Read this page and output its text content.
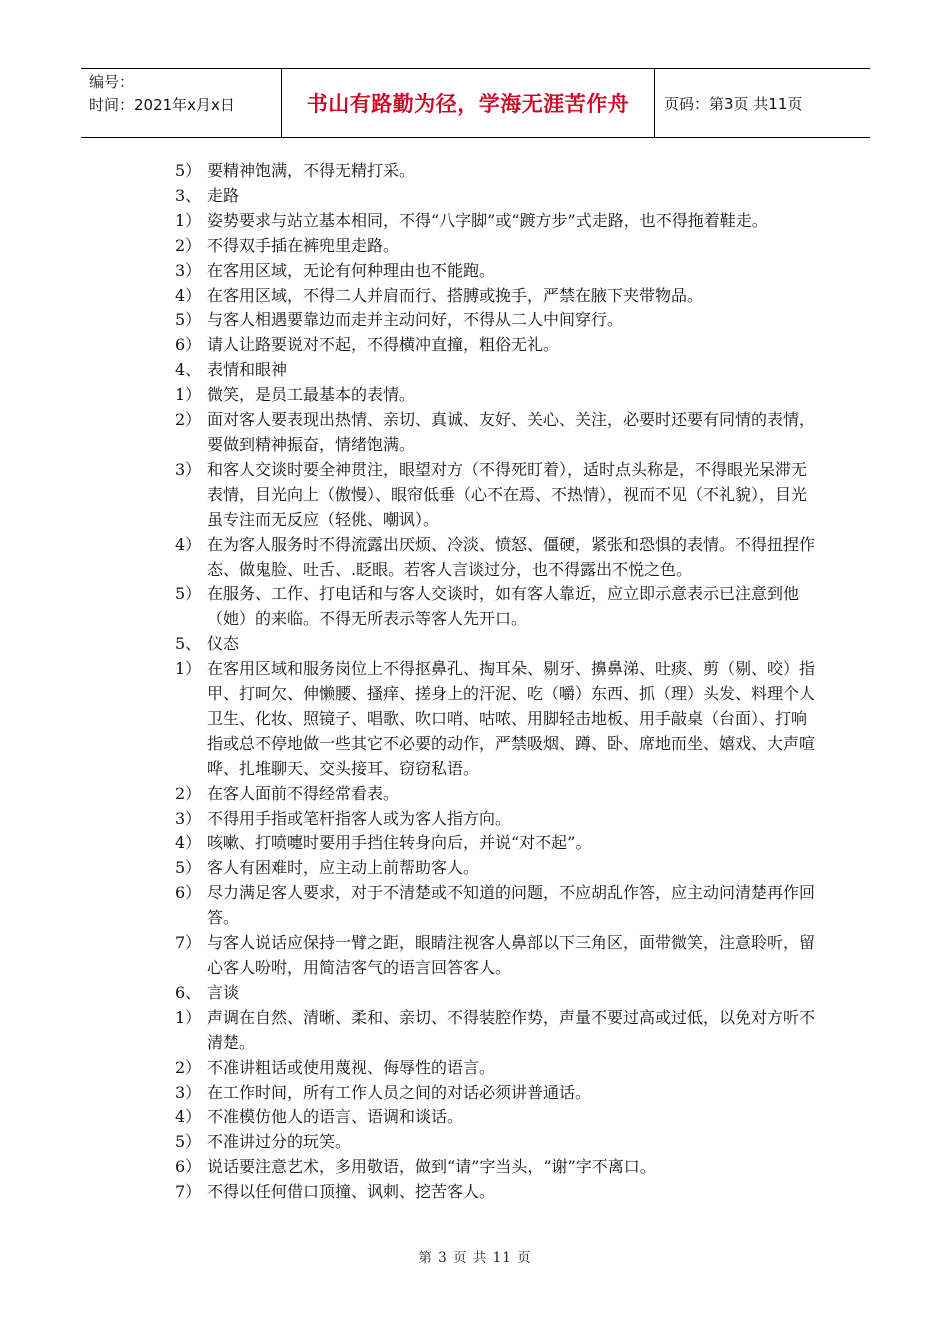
编号：
时间：2021年x月x日	书山有路勤为径，学海无涯苦作舟	页码：第3页 共11页
5） 要精神饱满，不得无精打采。
3、 走路
1） 姿势要求与站立基本相同，不得“八字脚”或“踱方步”式走路，也不得拖着鞋走。
2） 不得双手插在裤兜里走路。
3） 在客用区域，无论有何种理由也不能跑。
4） 在客用区域，不得二人并肩而行、搭膊或挽手，严禁在腋下夹带物品。
5） 与客人相遇要靠边而走并主动问好，不得从二人中间穿行。
6） 请人让路要说对不起，不得横冲直撞，粗俗无礼。
4、 表情和眼神
1） 微笑，是员工最基本的表情。
2） 面对客人要表现出热情、亲切、真诚、友好、关心、关注，必要时还要有同情的表情，要做到精神振奋，情绪饱满。
3） 和客人交谈时要全神贯注，眼望对方（不得死盯着），适时点头称是，不得眼光呆滞无表情，目光向上（傲慢）、眼帘低垂（心不在焉、不热情），视而不见（不礼貌），目光虽专注而无反应（轻佻、嘲讽）。
4） 在为客人服务时不得流露出厌烦、冷淡、愤怒、僵硬，紧张和恐惧的表情。不得扭捏作态、做鬼脸、吐舌、.眨眼。若客人言谈过分，也不得露出不悦之色。
5） 在服务、工作、打电话和与客人交谈时，如有客人靠近，应立即示意表示已注意到他（她）的来临。不得无所表示等客人先开口。
5、 仪态
1） 在客用区域和服务岗位上不得抠鼻孔、掏耳朵、剔牙、擤鼻涕、吐痰、剪（剔、咬）指甲、打呵欠、伸懒腰、搔痒、搓身上的汗泥、吃（嚼）东西、抓（理）头发、料理个人卫生、化妆、照镜子、唱歌、吹口哨、咕哝、用脚轻击地板、用手敲桌（台面）、打响指或总不停地做一些其它不必要的动作，严禁吸烟、蹲、卧、席地而坐、嬉戏、大声喧哗、扎堆聊天、交头接耳、窃窃私语。
2） 在客人面前不得经常看表。
3） 不得用手指或笔杆指客人或为客人指方向。
4） 咳嗽、打喷嚏时要用手挡住转身向后，并说“对不起”。
5） 客人有困难时，应主动上前帮助客人。
6） 尽力满足客人要求，对于不清楚或不知道的问题，不应胡乱作答，应主动问清楚再作回答。
7） 与客人说话应保持一臂之距，眼睛注视客人鼻部以下三角区，面带微笑，注意聆听，留心客人吩咐，用简洁客气的语言回答客人。
6、 言谈
1） 声调在自然、清晰、柔和、亲切、不得装腔作势，声量不要过高或过低，以免对方听不清楚。
2） 不准讲粗话或使用蔑视、侮辱性的语言。
3） 在工作时间，所有工作人员之间的对话必须讲普通话。
4） 不准模仿他人的语言、语调和谈话。
5） 不准讲过分的玩笑。
6） 说话要注意艺术，多用敬语，做到“请”字当头，“谢”字不离口。
7） 不得以任何借口顶撞、讽刺、挖苦客人。
第 3 页 共 11 页
